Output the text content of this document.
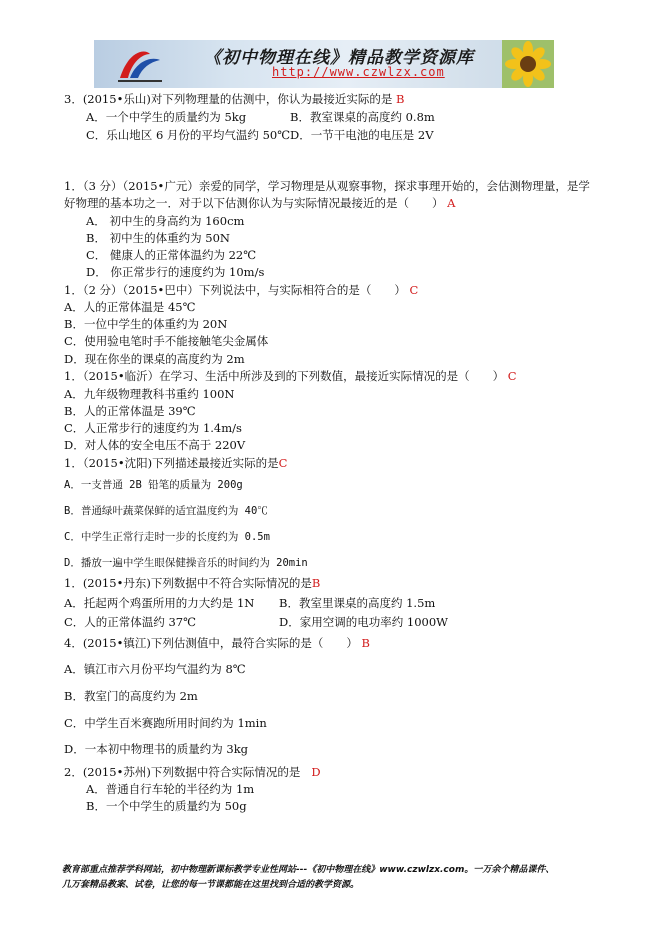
《初中物理在线》精品教学资源库
http://www.czwlzx.com
3．(2015•乐山)对下列物理量的估测中，你认为最接近实际的是 B
A．一个中学生的质量约为 5kg	B．教室课桌的高度约 0.8m
C．乐山地区 6 月份的平均气温约 50℃ D．一节干电池的电压是 2V
1．（3 分）（2015•广元）亲爱的同学，学习物理是从观察事物，探求事理开始的，会估测物理量，是学
好物理的基本功之一．对于以下估测你认为与实际情况最接近的是（　　） A
A． 初中生的身高约为 160cm
B． 初中生的体重约为 50N
C． 健康人的正常体温约为 22℃
D． 你正常步行的速度约为 10m/s
1．（2 分）（2015•巴中）下列说法中，与实际相符合的是（　　） C
A．人的正常体温是 45℃
B．一位中学生的体重约为 20N
C．使用验电笔时手不能接触笔尖金属体
D．现在你坐的课桌的高度约为 2m
1．（2015•临沂）在学习、生活中所涉及到的下列数值，最接近实际情况的是（　　） C
A．九年级物理教科书重约 100N
B．人的正常体温是 39℃
C．人正常步行的速度约为 1.4m/s
D．对人体的安全电压不高于 220V
1．（2015•沈阳)下列描述最接近实际的是C
A．一支普通 2B 铅笔的质量为 200g
B．普通绿叶蔬菜保鲜的适宜温度约为 40℃
C．中学生正常行走时一步的长度约为 0.5m
D．播放一遍中学生眼保健操音乐的时间约为 20min
1．(2015•丹东)下列数据中不符合实际情况的是B
A．托起两个鸡蛋所用的力大约是 1N B．教室里课桌的高度约 1.5m
C．人的正常体温约 37℃	D．家用空调的电功率约 1000W
4．(2015•镇江)下列估测值中，最符合实际的是（　　） B
A．镇江市六月份平均气温约为 8℃
B．教室门的高度约为 2m
C．中学生百米赛跑所用时间约为 1min
D．一本初中物理书的质量约为 3kg
2．(2015•苏州)下列数据中符合实际情况的是 D
A．普通自行车轮的半径约为 1m
B．一个中学生的质量约为 50g
教育部重点推荐学科网站，初中物理新课标教学专业性网站---《初中物理在线》www.czwlzx.com。一万余个精品课件、
几万套精品教案、试卷，让您的每一节课都能在这里找到合适的教学资源。
